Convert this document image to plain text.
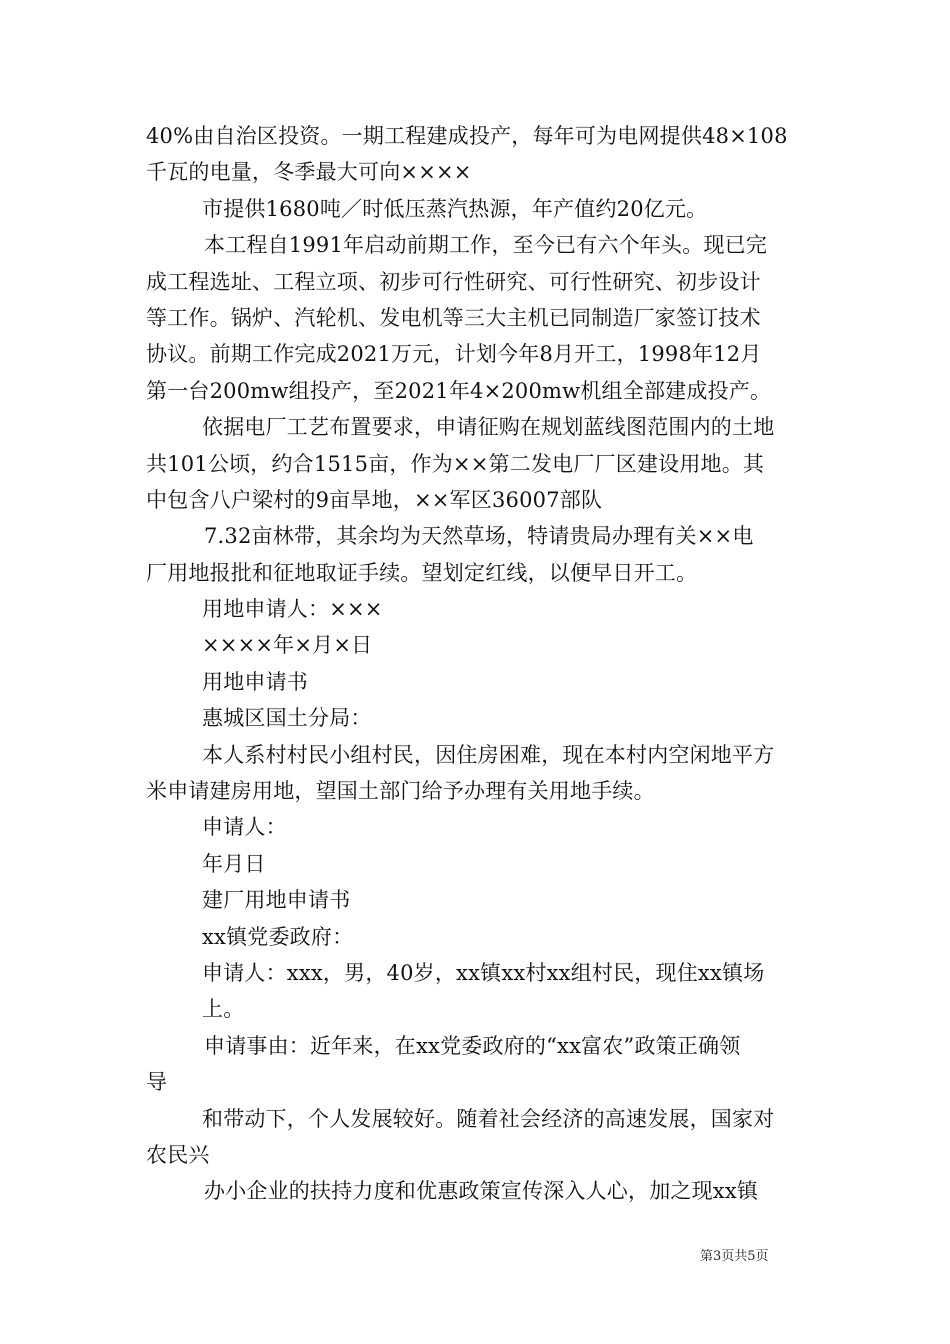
40%由自治区投资。一期工程建成投产，每年可为电网提供48×108
千瓦的电量，冬季最大可向××××
市提供1680吨／时低压蒸汽热源，年产值约20亿元。
本工程自1991年启动前期工作，至今已有六个年头。现已完
成工程选址、工程立项、初步可行性研究、可行性研究、初步设计
等工作。锅炉、汽轮机、发电机等三大主机已同制造厂家签订技术
协议。前期工作完成2021万元，计划今年8月开工，1998年12月
第一台200mw组投产，至2021年4×200mw机组全部建成投产。
依据电厂工艺布置要求，申请征购在规划蓝线图范围内的土地
共101公顷，约合1515亩，作为××第二发电厂厂区建设用地。其
中包含八户梁村的9亩旱地，××军区36007部队
7.32亩林带，其余均为天然草场，特请贵局办理有关××电
厂用地报批和征地取证手续。望划定红线，以便早日开工。
用地申请人：×××
××××年×月×日
用地申请书
惠城区国土分局：
本人系村村民小组村民，因住房困难，现在本村内空闲地平方
米申请建房用地，望国土部门给予办理有关用地手续。
申请人：
年月日
建厂用地申请书
xx镇党委政府：
申请人：xxx，男，40岁，xx镇xx村xx组村民，现住xx镇场
上。
申请事由：近年来，在xx党委政府的“xx富农”政策正确领
导
和带动下，个人发展较好。随着社会经济的高速发展，国家对
农民兴
办小企业的扶持力度和优惠政策宣传深入人心，加之现xx镇
第3页共5页
